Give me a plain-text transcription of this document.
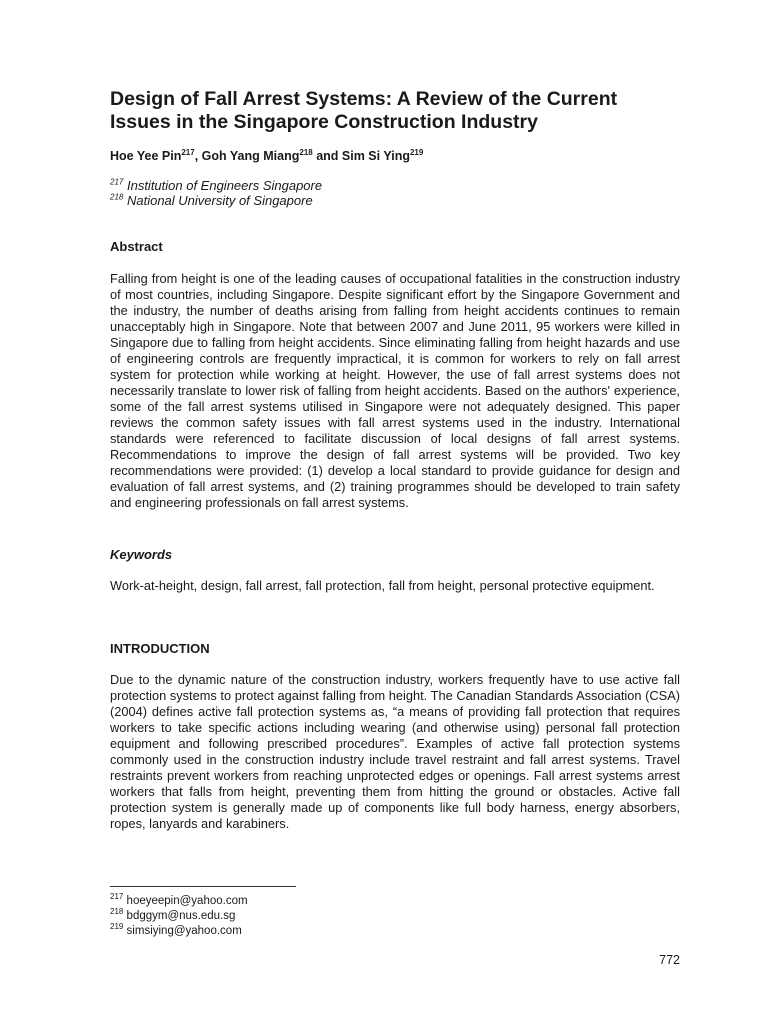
Design of Fall Arrest Systems: A Review of the Current Issues in the Singapore Construction Industry
Hoe Yee Pin$^{217}$, Goh Yang Miang$^{218}$ and Sim Si Ying$^{219}$
$^{217}$ Institution of Engineers Singapore
$^{218}$ National University of Singapore
Abstract

Falling from height is one of the leading causes of occupational fatalities in the construction industry of most countries, including Singapore. Despite significant effort by the Singapore Government and the industry, the number of deaths arising from falling from height accidents continues to remain unacceptably high in Singapore. Note that between 2007 and June 2011, 95 workers were killed in Singapore due to falling from height accidents. Since eliminating falling from height hazards and use of engineering controls are frequently impractical, it is common for workers to rely on fall arrest system for protection while working at height. However, the use of fall arrest systems does not necessarily translate to lower risk of falling from height accidents. Based on the authors' experience, some of the fall arrest systems utilised in Singapore were not adequately designed. This paper reviews the common safety issues with fall arrest systems used in the industry. International standards were referenced to facilitate discussion of local designs of fall arrest systems. Recommendations to improve the design of fall arrest systems will be provided. Two key recommendations were provided: (1) develop a local standard to provide guidance for design and evaluation of fall arrest systems, and (2) training programmes should be developed to train safety and engineering professionals on fall arrest systems.

Keywords

Work-at-height, design, fall arrest, fall protection, fall from height, personal protective equipment.

INTRODUCTION

Due to the dynamic nature of the construction industry, workers frequently have to use active fall protection systems to protect against falling from height. The Canadian Standards Association (CSA) (2004) defines active fall protection systems as, “a means of providing fall protection that requires workers to take specific actions including wearing (and otherwise using) personal fall protection equipment and following prescribed procedures”. Examples of active fall protection systems commonly used in the construction industry include travel restraint and fall arrest systems. Travel restraints prevent workers from reaching unprotected edges or openings. Fall arrest systems arrest workers that falls from height, preventing them from hitting the ground or obstacles. Active fall protection system is generally made up of components like full body harness, energy absorbers, ropes, lanyards and karabiners.

$^{217}$ hoeyeepin@yahoo.com
$^{218}$ bdggym@nus.edu.sg
$^{219}$ simsiying@yahoo.com
772
